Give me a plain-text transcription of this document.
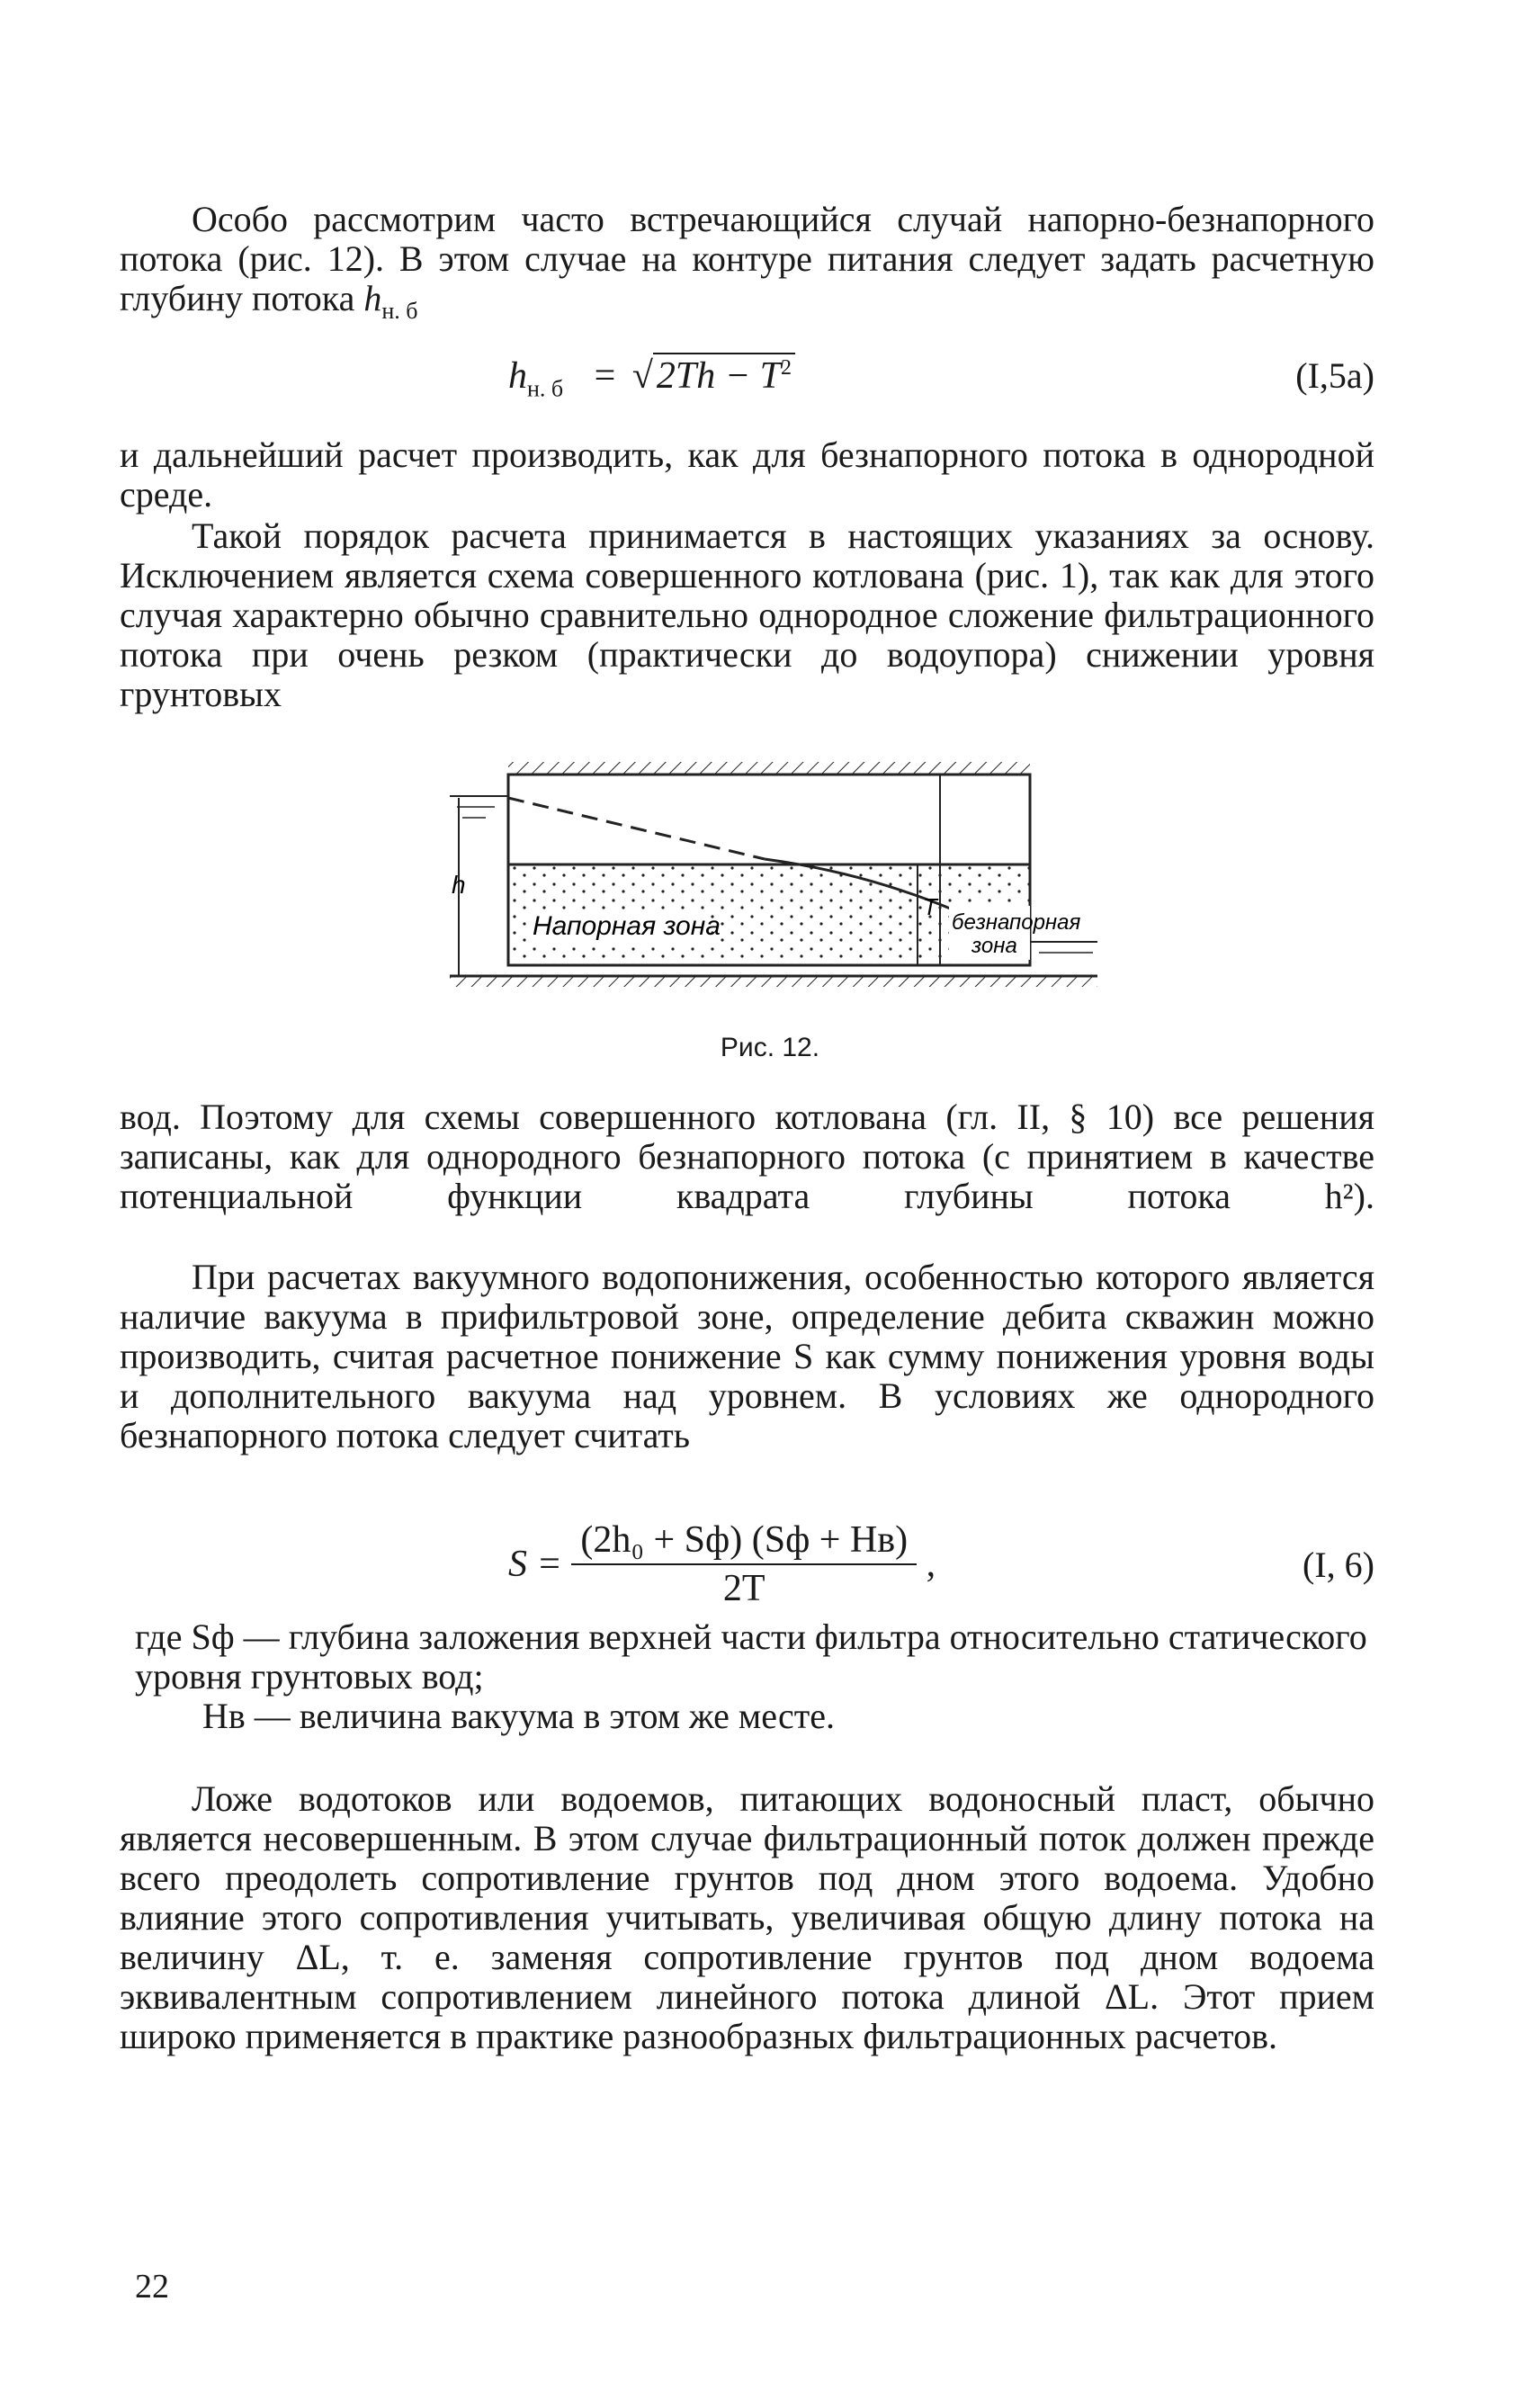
Особо рассмотрим часто встречающийся случай напорно-безнапорного потока (рис. 12). В этом случае на контуре питания следует задать расчетную глубину потока $h_{н. б}$
$h_{н. б} = √2Th - T^2$	(I,5а)
и дальнейший расчет производить, как для безнапорного потока в однородной среде.
Такой порядок расчета принимается в настоящих указаниях за основу. Исключением является схема совершенного котлована (рис. 1), так как для этого случая характерно обычно сравнительно однородное сложение фильтрационного потока при очень резком (практически до водоупора) снижении уровня грунтовых
h
T
Напорная зона	безнапорная
зона
Рис. 12.
вод. Поэтому для схемы совершенного котлована (гл. II, § 10) все решения записаны, как для однородного безнапорного потока (с принятием в качестве потенциальной функции квадрата глубины потока h²).
При расчетах вакуумного водопонижения, особенностью которого является наличие вакуума в прифильтровой зоне, определение дебита скважин можно производить, считая расчетное понижение S как сумму понижения уровня воды и дополнительного вакуума над уровнем. В условиях же однородного безнапорного потока следует считать
$S = \frac{\text{(2h₀ + Sф) (Sф + Hв)}}{2T}$ ,	(I, 6)
где Sф — глубина заложения верхней части фильтра относительно статического уровня грунтовых вод;
Hв — величина вакуума в этом же месте.
Ложе водотоков или водоемов, питающих водоносный пласт, обычно является несовершенным. В этом случае фильтрационный поток должен прежде всего преодолеть сопротивление грунтов под дном этого водоема. Удобно влияние этого сопротивления учитывать, увеличивая общую длину потока на величину ΔL, т. е. заменяя сопротивление грунтов под дном водоема эквивалентным сопротивлением линейного потока длиной ΔL. Этот прием широко применяется в практике разнообразных фильтрационных расчетов.
22
